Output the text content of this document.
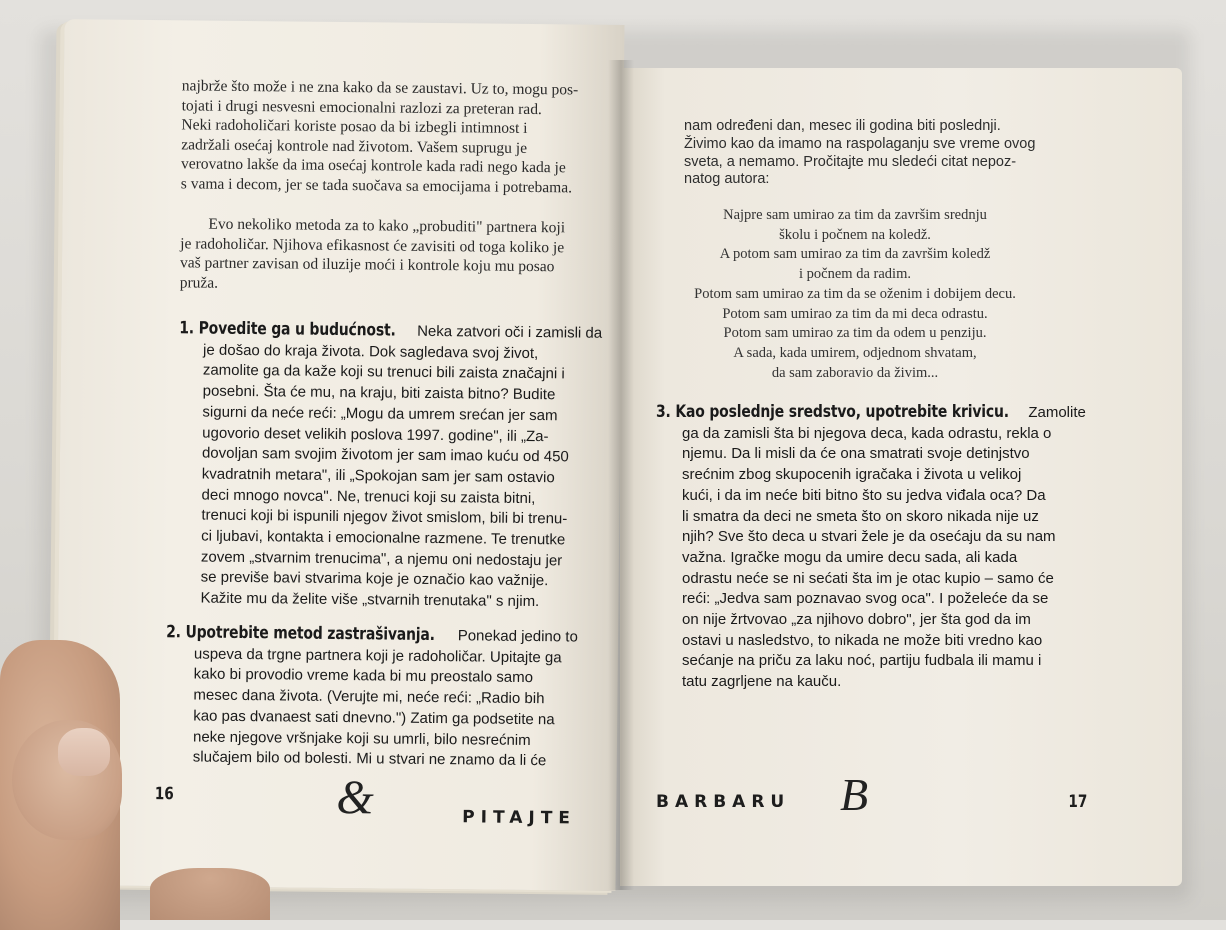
najbrže što može i ne zna kako da se zaustavi. Uz to, mogu pos-
tojati i drugi nesvesni emocionalni razlozi za preteran rad.
Neki radoholičari koriste posao da bi izbegli intimnost i
zadržali osećaj kontrole nad životom. Vašem suprugu je
verovatno lakše da ima osećaj kontrole kada radi nego kada je
s vama i decom, jer se tada suočava sa emocijama i potrebama.
Evo nekoliko metoda za to kako „probuditi" partnera koji
je radoholičar. Njihova efikasnost će zavisiti od toga koliko je
vaš partner zavisan od iluzije moći i kontrole koju mu posao
pruža.
1. Povedite ga u budućnost. Neka zatvori oči i zamisli da
je došao do kraja života. Dok sagledava svoj život,
zamolite ga da kaže koji su trenuci bili zaista značajni i
posebni. Šta će mu, na kraju, biti zaista bitno? Budite
sigurni da neće reći: „Mogu da umrem srećan jer sam
ugovorio deset velikih poslova 1997. godine", ili „Za-
dovoljan sam svojim životom jer sam imao kuću od 450
kvadratnih metara", ili „Spokojan sam jer sam ostavio
deci mnogo novca". Ne, trenuci koji su zaista bitni,
trenuci koji bi ispunili njegov život smislom, bili bi trenu-
ci ljubavi, kontakta i emocionalne razmene. Te trenutke
zovem „stvarnim trenucima", a njemu oni nedostaju jer
se previše bavi stvarima koje je označio kao važnije.
Kažite mu da želite više „stvarnih trenutaka" s njim.
2. Upotrebite metod zastrašivanja. Ponekad jedino to
uspeva da trgne partnera koji je radoholičar. Upitajte ga
kako bi provodio vreme kada bi mu preostalo samo
mesec dana života. (Verujte mi, neće reći: „Radio bih
kao pas dvanaest sati dnevno.") Zatim ga podsetite na
neke njegove vršnjake koji su umrli, bilo nesrećnim
slučajem bilo od bolesti. Mi u stvari ne znamo da li će
16	&	PITAJTE
nam određeni dan, mesec ili godina biti poslednji.
Živimo kao da imamo na raspolaganju sve vreme ovog
sveta, a nemamo. Pročitajte mu sledeći citat nepoz-
natog autora:
Najpre sam umirao za tim da završim srednju
školu i počnem na koledž.
A potom sam umirao za tim da završim koledž
i počnem da radim.
Potom sam umirao za tim da se oženim i dobijem decu.
Potom sam umirao za tim da mi deca odrastu.
Potom sam umirao za tim da odem u penziju.
A sada, kada umirem, odjednom shvatam,
da sam zaboravio da živim...
3. Kao poslednje sredstvo, upotrebite krivicu. Zamolite
ga da zamisli šta bi njegova deca, kada odrastu, rekla o
njemu. Da li misli da će ona smatrati svoje detinjstvo
srećnim zbog skupocenih igračaka i života u velikoj
kući, i da im neće biti bitno što su jedva viđala oca? Da
li smatra da deci ne smeta što on skoro nikada nije uz
njih? Sve što deca u stvari žele je da osećaju da su nam
važna. Igračke mogu da umire decu sada, ali kada
odrastu neće se ni sećati šta im je otac kupio – samo će
reći: „Jedva sam poznavao svog oca". I poželeće da se
on nije žrtvovao „za njihovo dobro", jer šta god da im
ostavi u nasledstvo, to nikada ne može biti vredno kao
sećanje na priču za laku noć, partiju fudbala ili mamu i
tatu zagrljene na kauču.
BARBARU B	17
